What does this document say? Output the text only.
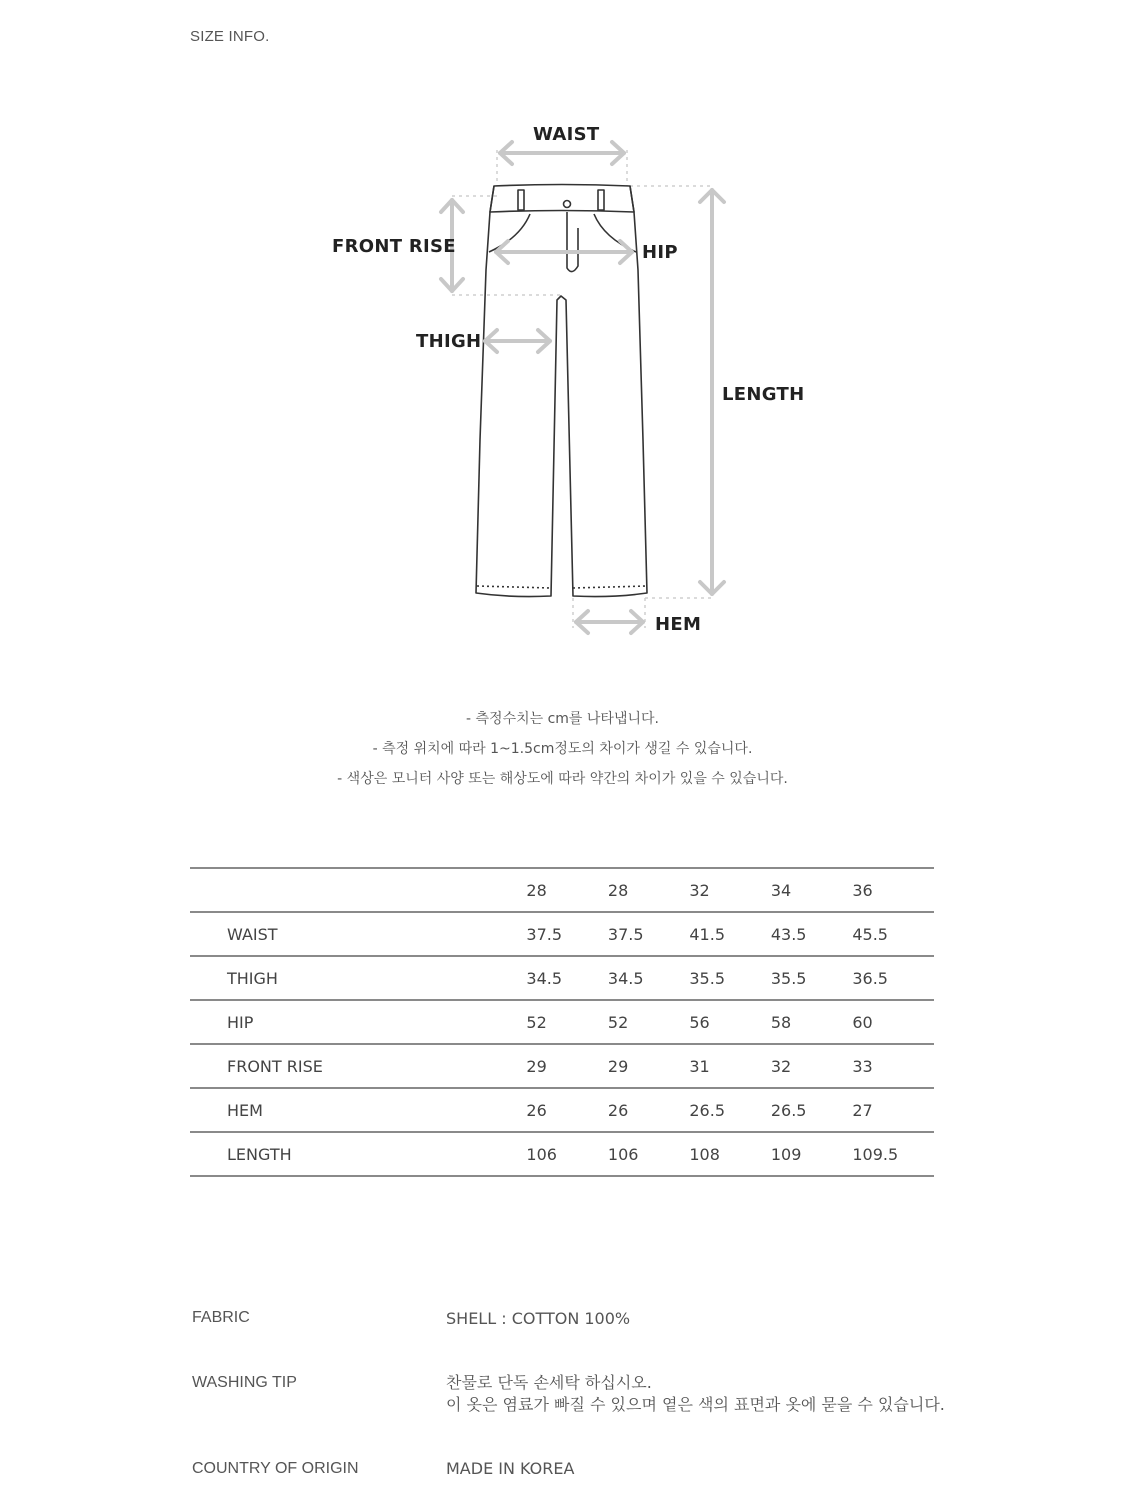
SIZE INFO.
WAIST
FRONT RISE	HIP
THIGH
LENGTH
HEM
- 측정수치는 cm를 나타냅니다.
- 측정 위치에 따라 1~1.5cm정도의 차이가 생길 수 있습니다.
- 색상은 모니터 사양 또는 해상도에 따라 약간의 차이가 있을 수 있습니다.
	28	28	32	34	36
WAIST	37.5	37.5	41.5	43.5	45.5
THIGH	34.5	34.5	35.5	35.5	36.5
HIP	52	52	56	58	60
FRONT RISE	29	29	31	32	33
HEM	26	26	26.5	26.5	27
LENGTH	106	106	108	109	109.5
FABRIC	SHELL : COTTON 100%
WASHING TIP	찬물로 단독 손세탁 하십시오.
이 옷은 염료가 빠질 수 있으며 옅은 색의 표면과 옷에 묻을 수 있습니다.
COUNTRY OF ORIGIN	MADE IN KOREA
